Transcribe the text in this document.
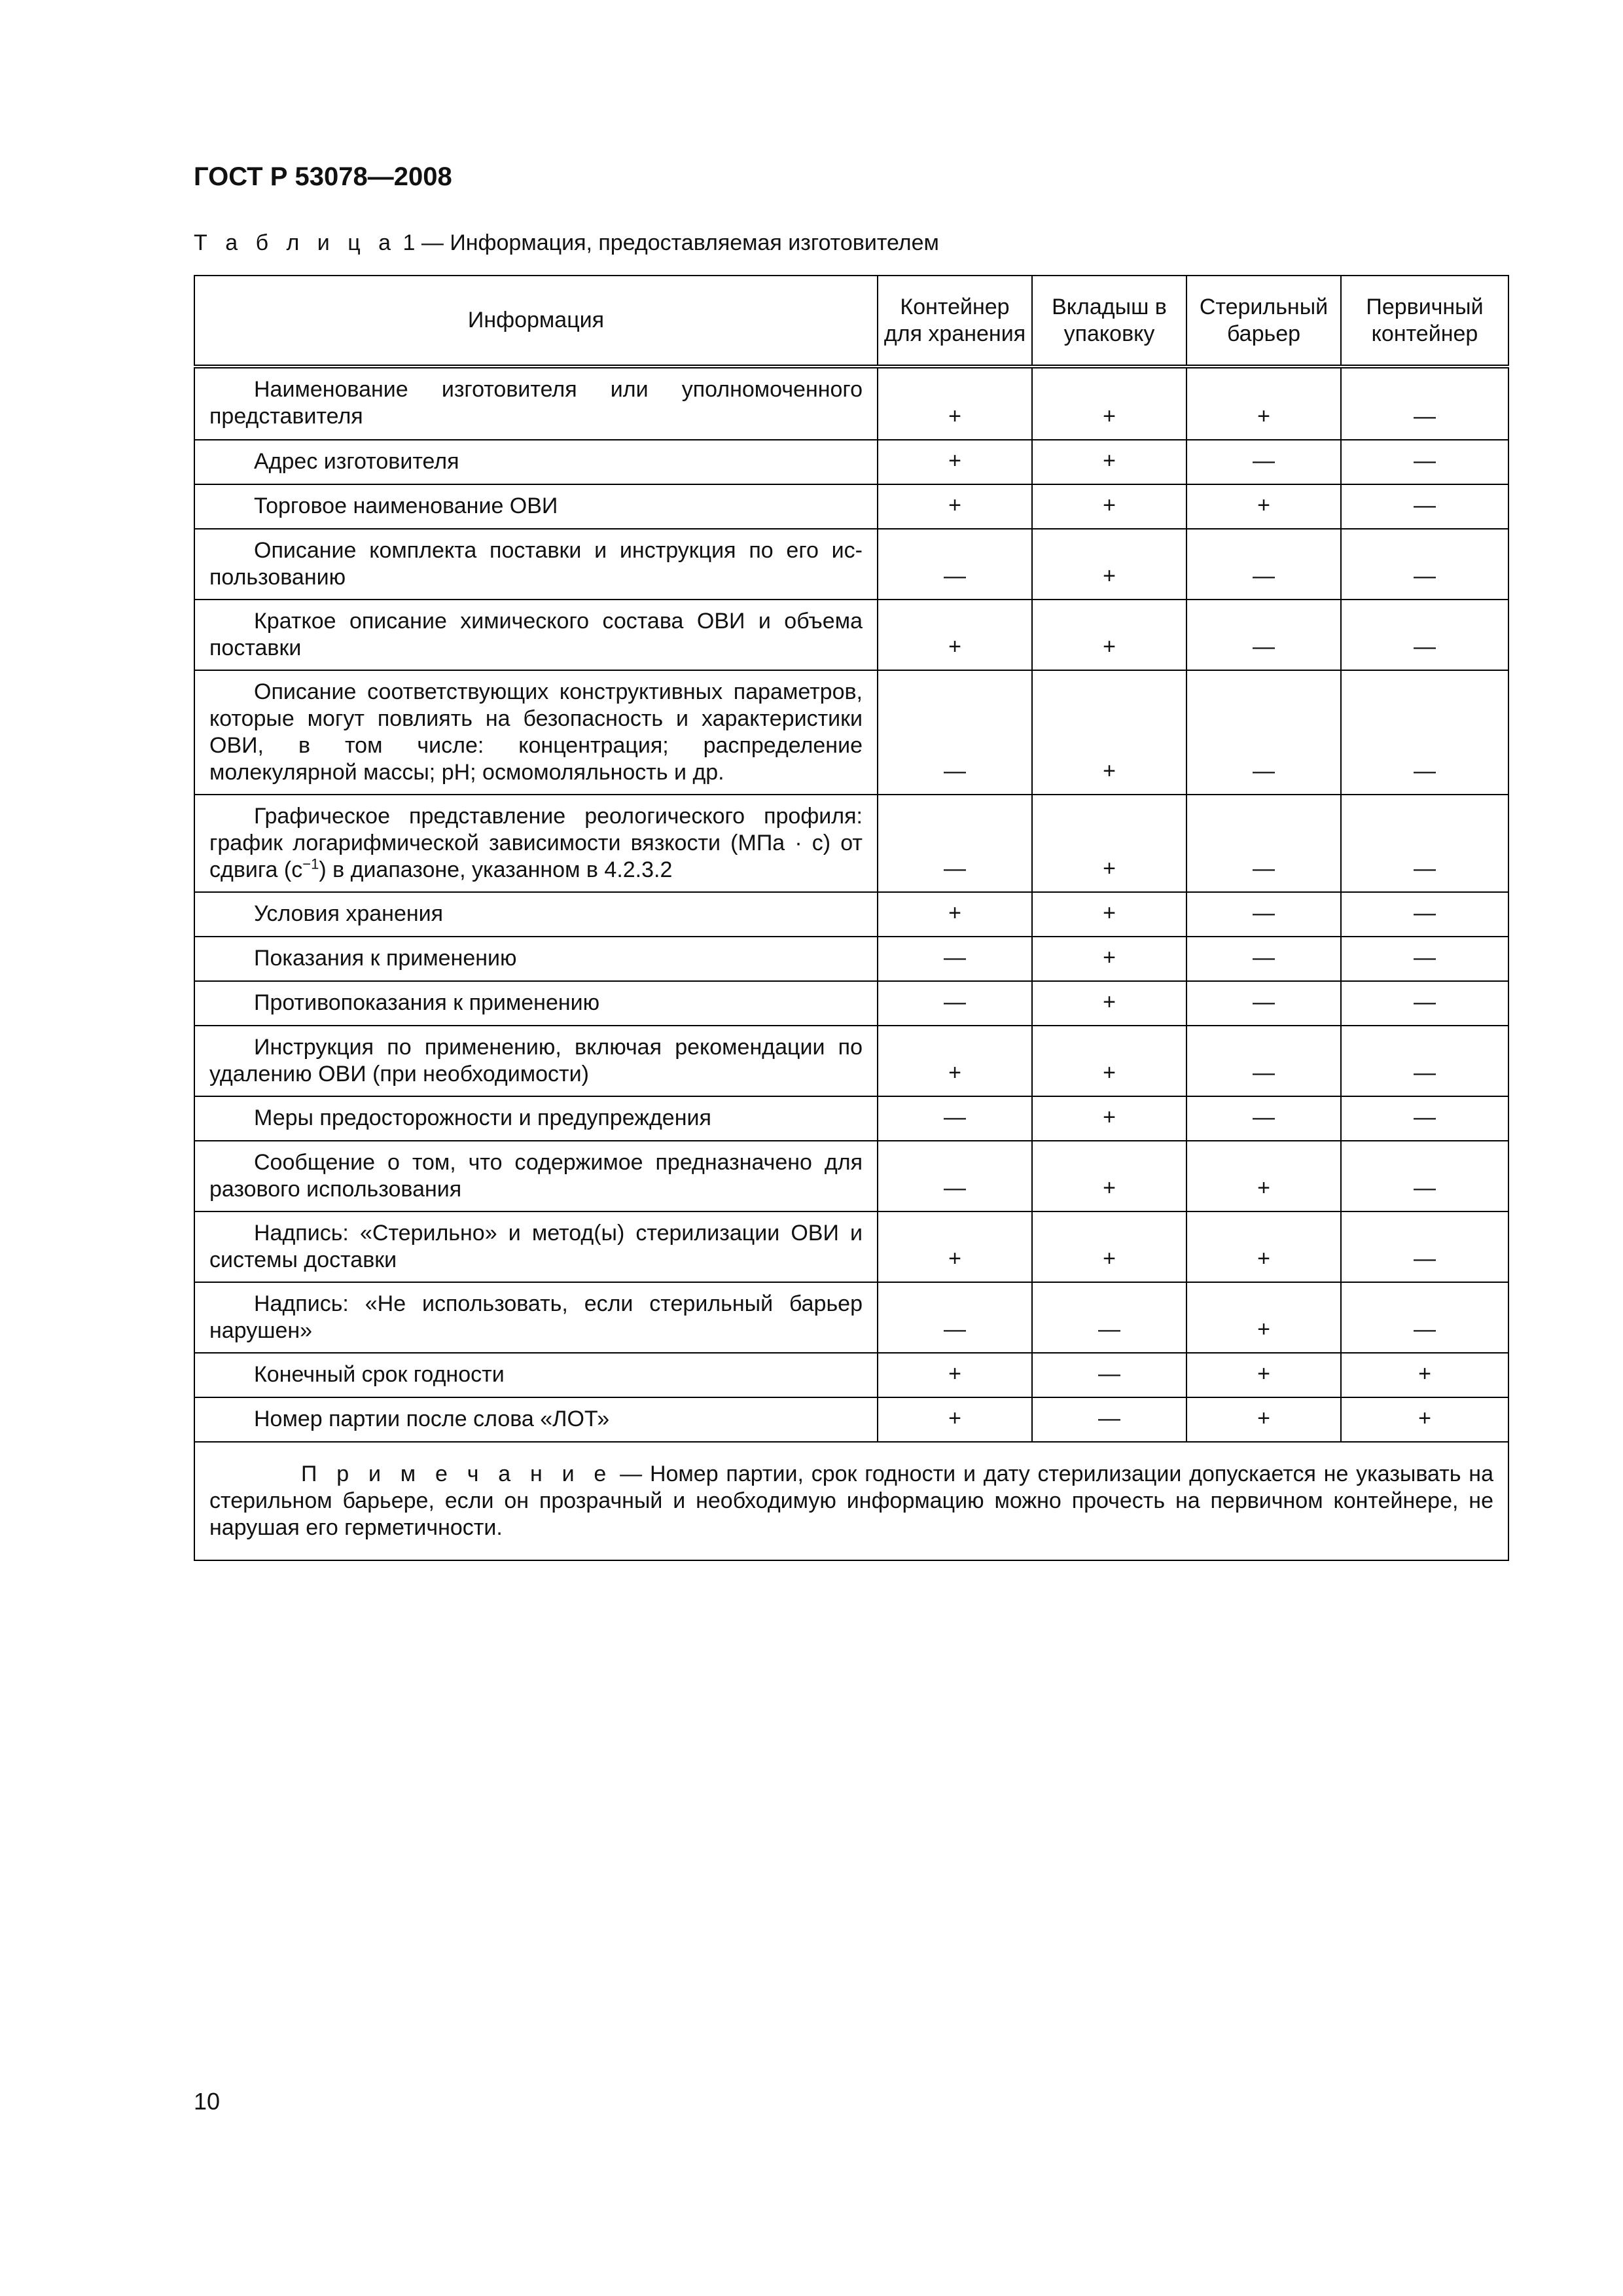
ГОСТ Р 53078—2008
Т а б л и ц а 1 — Информация, предоставляемая изготовителем
Информация	Контейнер для хранения	Вкладыш в упаковку	Стерильный барьер	Первичный контейнер
Наименование изготовителя или уполномоченного представителя	+	+	+	—
Адрес изготовителя	+	+	—	—
Торговое наименование ОВИ	+	+	+	—
Описание комплекта поставки и инструкция по его использованию	—	+	—	—
Краткое описание химического состава ОВИ и объема поставки	+	+	—	—
Описание соответствующих конструктивных параметров, которые могут повлиять на безопасность и характеристики ОВИ, в том числе: концентрация; распределение молекулярной массы; pH; осмомоляльность и др.	—	+	—	—
Графическое представление реологического профиля: график логарифмической зависимости вязкости (МПа · с) от сдвига $(с^{-1})$ в диапазоне, указанном в 4.2.3.2	—	+	—	—
Условия хранения	+	+	—	—
Показания к применению	—	+	—	—
Противопоказания к применению	—	+	—	—
Инструкция по применению, включая рекомендации по удалению ОВИ (при необходимости)	+	+	—	—
Меры предосторожности и предупреждения	—	+	—	—
Сообщение о том, что содержимое предназначено для разового использования	—	+	+	—
Надпись: «Стерильно» и метод(ы) стерилизации ОВИ и системы доставки	+	+	+	—
Надпись: «Не использовать, если стерильный барьер нарушен»	—	—	+	—
Конечный срок годности	+	—	+	+
Номер партии после слова «ЛОТ»	+	—	+	+
П р и м е ч а н и е — Номер партии, срок годности и дату стерилизации допускается не указывать на стерильном барьере, если он прозрачный и необходимую информацию можно прочесть на первичном контейнере, не нарушая его герметичности.				
10
